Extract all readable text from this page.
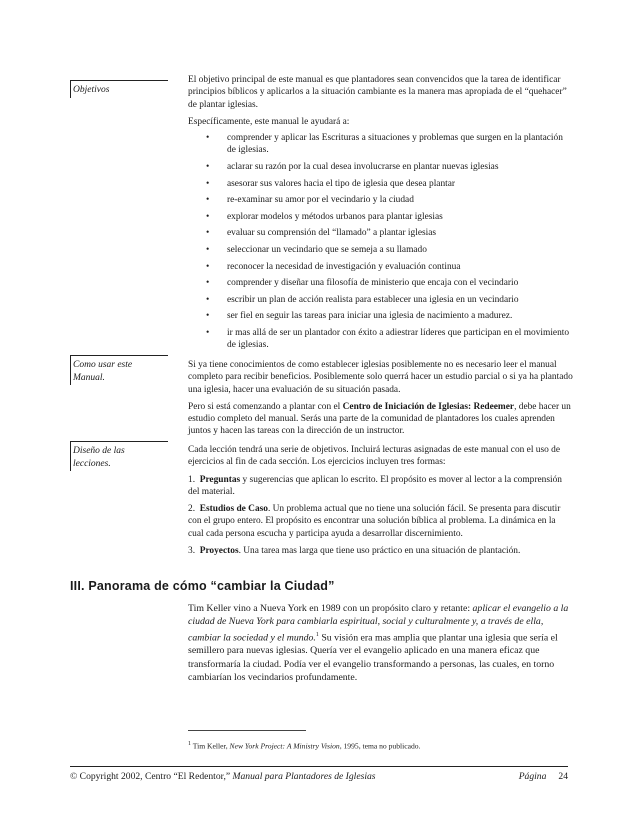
Objetivos
Como usar este
Manual.
Diseño de las
lecciones.

El objetivo principal de este manual es que plantadores sean convencidos que la tarea de identificar principios bíblicos y aplicarlos a la situación cambiante es la manera mas apropiada de el “quehacer” de plantar iglesias.

Específicamente, este manual le ayudará a:

• comprender y aplicar las Escrituras a situaciones y problemas que surgen en la plantación de iglesias.
• aclarar su razón por la cual desea involucrarse en plantar nuevas iglesias
• asesorar sus valores hacia el tipo de iglesia que desea plantar
• re-examinar su amor por el vecindario y la ciudad
• explorar modelos y métodos urbanos para plantar iglesias
• evaluar su comprensión del “llamado” a plantar iglesias
• seleccionar un vecindario que se semeja a su llamado
• reconocer la necesidad de investigación y evaluación continua
• comprender y diseñar una filosofía de ministerio que encaja con el vecindario
• escribir un plan de acción realista para establecer una iglesia en un vecindario
• ser fiel en seguir las tareas para iniciar una iglesia de nacimiento a madurez.
• ir mas allá de ser un plantador con éxito a adiestrar líderes que participan en el movimiento de iglesias.

Si ya tiene conocimientos de como establecer iglesias posiblemente no es necesario leer el manual completo para recibir beneficios. Posiblemente solo querrá hacer un estudio parcial o si ya ha plantado una iglesia, hacer una evaluación de su situación pasada.

Pero si está comenzando a plantar con el Centro de Iniciación de Iglesias: Redeemer, debe hacer un estudio completo del manual. Serás una parte de la comunidad de plantadores los cuales aprenden juntos y hacen las tareas con la dirección de un instructor.

Cada lección tendrá una serie de objetivos. Incluirá lecturas asignadas de este manual con el uso de ejercicios al fin de cada sección. Los ejercicios incluyen tres formas:

1. Preguntas y sugerencias que aplican lo escrito. El propósito es mover al lector a la comprensión del material.

2. Estudios de Caso. Un problema actual que no tiene una solución fácil. Se presenta para discutir con el grupo entero. El propósito es encontrar una solución bíblica al problema. La dinámica en la cual cada persona escucha y participa ayuda a desarrollar discernimiento.

3. Proyectos. Una tarea mas larga que tiene uso práctico en una situación de plantación.

III. Panorama de cómo “cambiar la Ciudad”

Tim Keller vino a Nueva York en 1989 con un propósito claro y retante: aplicar el evangelio a la ciudad de Nueva York para cambiarla espiritual, social y culturalmente y, a través de ella, cambiar la sociedad y el mundo.$^1$ Su visión era mas amplia que plantar una iglesia que sería el semillero para nuevas iglesias. Quería ver el evangelio aplicado en una manera eficaz que transformaría la ciudad. Podía ver el evangelio transformando a personas, las cuales, en torno cambiarían los vecindarios profundamente.

$^1$ Tim Keller, New York Project: A Ministry Vision, 1995, tema no publicado.
© Copyright 2002, Centro “El Redentor,” Manual para Plantadores de Iglesias	Página 24
